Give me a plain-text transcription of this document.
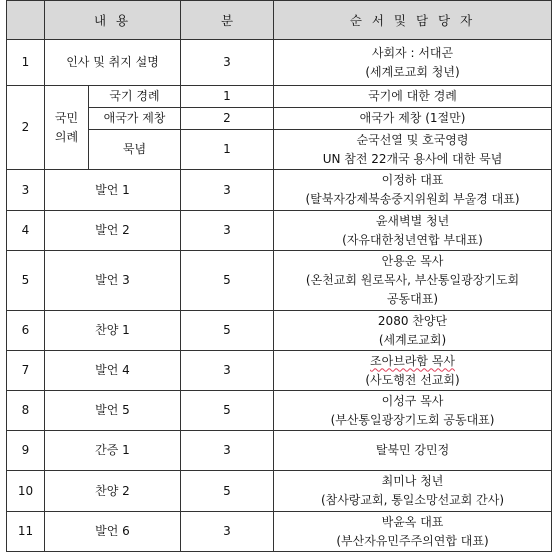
	내 용		분	순 서 및 담 당 자
1	인사 및 취지 설명		3	사회자 : 서대곤
(세계로교회 청년)

2	국민
의례	국기 경례	1	국기에 대한 경례

		애국가 제창	2	애국가 제창 (1절만)

		묵념	1	순국선열 및 호국영령
UN 참전 22개국 용사에 대한 묵념

3	발언 1		3	이정하 대표
(탈북자강제북송중지위원회 부울경 대표)

4	발언 2		3	윤새벽별 청년
(자유대한청년연합 부대표)

5	발언 3		5	안용운 목사
(온천교회 원로목사, 부산통일광장기도회
공동대표)

6	찬양 1		5	2080 찬양단
(세계로교회)

7	발언 4		3	조아브라함 목사
(사도행전 선교회)

8	발언 5		5	이성구 목사
(부산통일광장기도회 공동대표)

9	간증 1		3	탈북민 강민정

10	찬양 2		5	최미나 청년
(참사랑교회, 통일소망선교회 간사)

11	발언 6		3	박윤옥 대표
(부산자유민주주의연합 대표)
